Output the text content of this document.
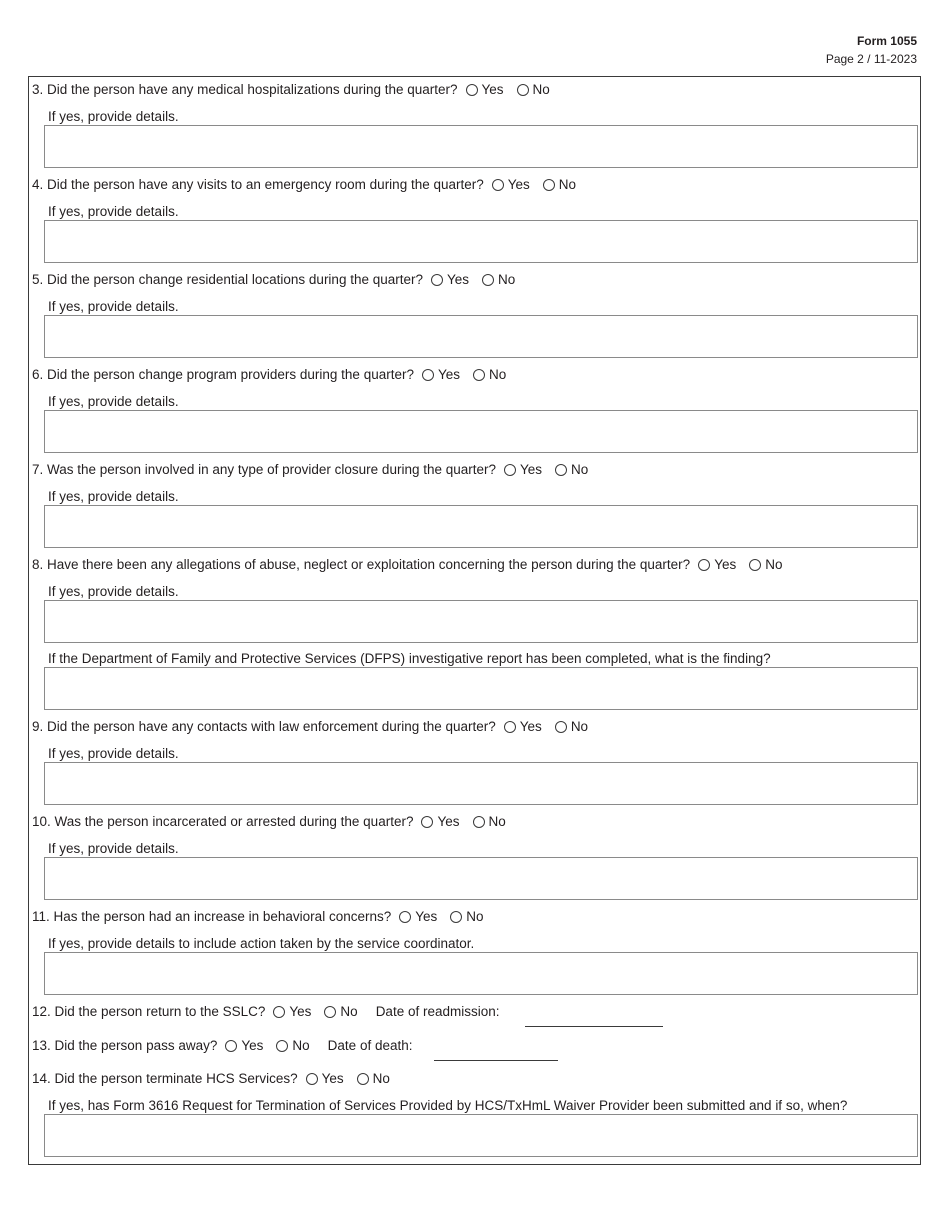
Form 1055
Page 2 / 11-2023
3. Did the person have any medical hospitalizations during the quarter? Yes No
If yes, provide details.
4. Did the person have any visits to an emergency room during the quarter? Yes No
If yes, provide details.
5. Did the person change residential locations during the quarter? Yes No
If yes, provide details.
6. Did the person change program providers during the quarter? Yes No
If yes, provide details.
7. Was the person involved in any type of provider closure during the quarter? Yes No
If yes, provide details.
8. Have there been any allegations of abuse, neglect or exploitation concerning the person during the quarter? Yes No
If yes, provide details.
If the Department of Family and Protective Services (DFPS) investigative report has been completed, what is the finding?
9. Did the person have any contacts with law enforcement during the quarter? Yes No
If yes, provide details.
10. Was the person incarcerated or arrested during the quarter? Yes No
If yes, provide details.
11. Has the person had an increase in behavioral concerns? Yes No
If yes, provide details to include action taken by the service coordinator.
12. Did the person return to the SSLC? Yes No Date of readmission:
13. Did the person pass away? Yes No Date of death:
14. Did the person terminate HCS Services? Yes No
If yes, has Form 3616 Request for Termination of Services Provided by HCS/TxHmL Waiver Provider been submitted and if so, when?
